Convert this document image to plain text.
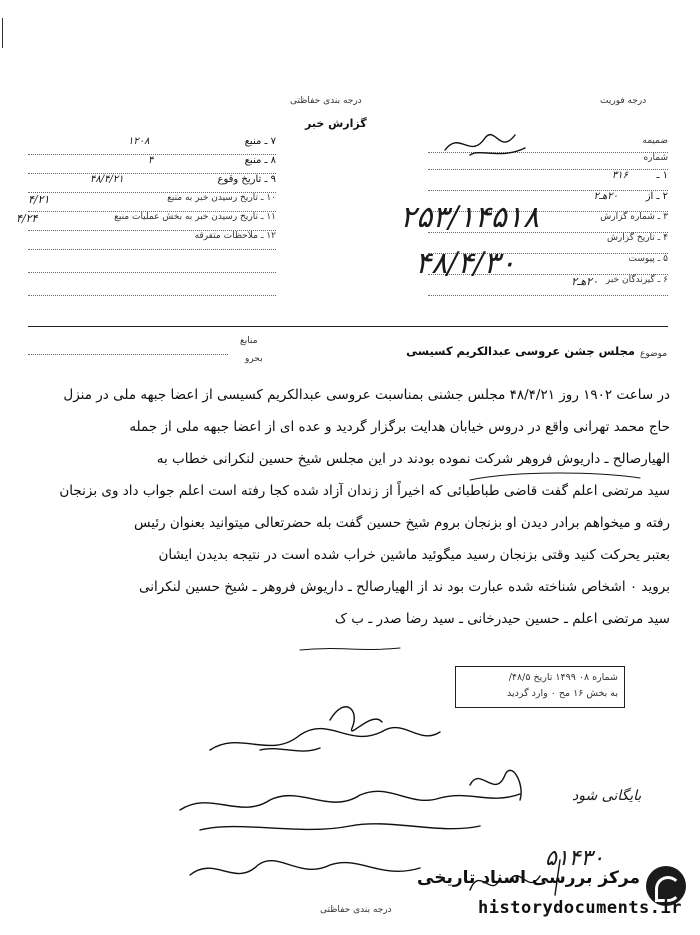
درجه فوریت
درجه بندی حفاظتی
گزارش خبر
۷ ـ منبع
۱۲۰۸
۸ ـ منبع
۴
۹ ـ تاریخ وقوع
۴۸/۴/۲۱
۱۰ ـ تاریخ رسیدن خبر به منبع
۴/۲۱
۱۱ ـ تاریخ رسیدن خبر به بخش عملیات منبع
۴/۲۴
۱۲ ـ ملاحظات متفرقه
ضمیمه
شماره
۱ ـ
۳۱۶
۲ ـ از
۲۰هـ۲
۳ ـ شماره گزارش
۴ ـ تاریخ گزارش
۵ ـ پیوست
۶ ـ گیرندگان خبر
۲۰هـ۲
۲۵۳/۱۴۵۱۸
۴۸/۴/۳۰
موضوع
منابع
بحرو
مجلس جشن عروسی عبدالکریم کسیسی
در ساعت ۱۹۰۲ روز ۴۸/۴/۲۱ مجلس جشنی بمناسبت عروسی عبدالکریم کسیسی از اعضا جبهه ملی در منزل
حاج محمد تهرانی واقع در دروس خیابان هدایت برگزار گردید و عده ای از اعضا جبهه ملی از جمله
الهیارصالح ـ داریوش فروهر شرکت نموده بودند در این مجلس شیخ حسین لنکرانی خطاب به
سید مرتضی اعلم گفت قاضی طباطبائی که اخیراً از زندان آزاد شده کجا رفته است اعلم جواب داد وی بزنجان
رفته و میخواهم برادر دیدن او بزنجان بروم شیخ حسین گفت بله حضرتعالی میتوانید بعنوان رئیس
بعتبر یحرکت کنید وقتی بزنجان رسید میگوئید ماشین خراب شده است در نتیجه بدیدن ایشان
بروید ۰ اشخاص شناخته شده عبارت بود ند از الهیارصالح ـ داریوش فروهر ـ شیخ حسین لنکرانی
سید مرتضی اعلم ـ حسین حیدرخانی ـ سید رضا صدر ـ ب ک
شماره ۰۸ ۱۴۹۹ تاریخ ۴۸/۵/
به بخش ۱۶ مح ۰ وارد گردید
بایگانی شود
۵۱۴۳۰
درجه بندی حفاظتی
مرکز بررسی اسناد تاریخی
historydocuments.ir
